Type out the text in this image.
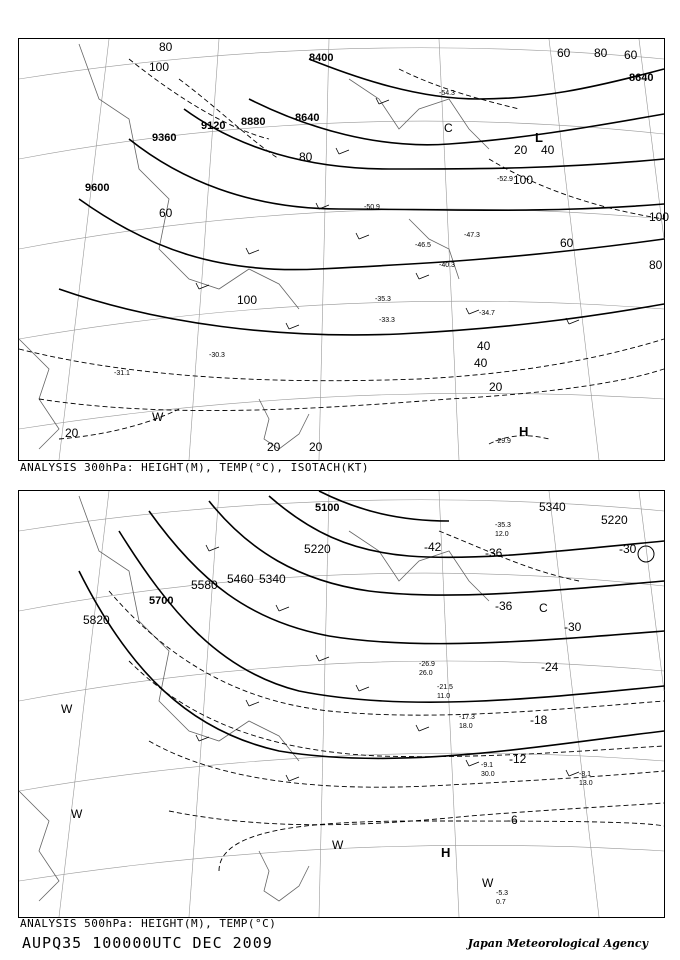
9600
9360
9120 8880	8640
8400
8640
100
80
60
40
20
100
80
60
40
20 20
20
80
100
60
20 40
60
80
100
L
C
H
W
-29.9
-34.7
-33.3
-31.1
-30.3
-35.3
-40.3
-46.5
-47.3
-50.9
-52.9
-54.3
ANALYSIS 300hPa: HEIGHT(M), TEMP(°C), ISOTACH(KT)
5820
5700
5580 5460 5340
5220
5100	5340
5220
-42	-36
-36
-30
-24
-18
-12
-6
-30
C
H
W
W
W
W
-5.3
0.7
-9.1
30.0	-8.1
13.0
-17.3
18.0
-21.5
11.0
-26.9
26.0
-35.3
12.0
ANALYSIS 500hPa: HEIGHT(M), TEMP(°C)
AUPQ35 100000UTC DEC 2009	Japan Meteorological Agency
